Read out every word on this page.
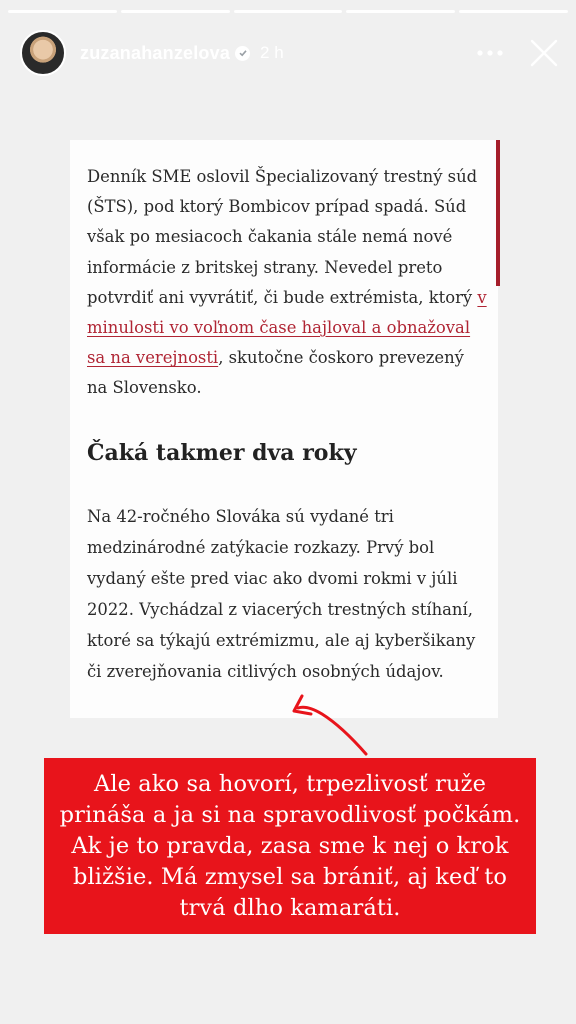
zuzanahanzelova 2 h

Denník SME oslovil Špecializovaný trestný súd (ŠTS), pod ktorý Bombicov prípad spadá. Súd však po mesiacoch čakania stále nemá nové informácie z britskej strany. Nevedel preto potvrdiť ani vyvrátiť, či bude extrémista, ktorý v minulosti vo voľnom čase hajloval a obnažoval sa na verejnosti, skutočne čoskoro prevezený na Slovensko.

Čaká takmer dva roky

Na 42-ročného Slováka sú vydané tri medzinárodné zatýkacie rozkazy. Prvý bol vydaný ešte pred viac ako dvomi rokmi v júli 2022. Vychádzal z viacerých trestných stíhaní, ktoré sa týkajú extrémizmu, ale aj kyberšikany či zverejňovania citlivých osobných údajov.

Ale ako sa hovorí, trpezlivosť ruže prináša a ja si na spravodlivosť počkám. Ak je to pravda, zasa sme k nej o krok bližšie. Má zmysel sa brániť, aj keď to trvá dlho kamaráti.
